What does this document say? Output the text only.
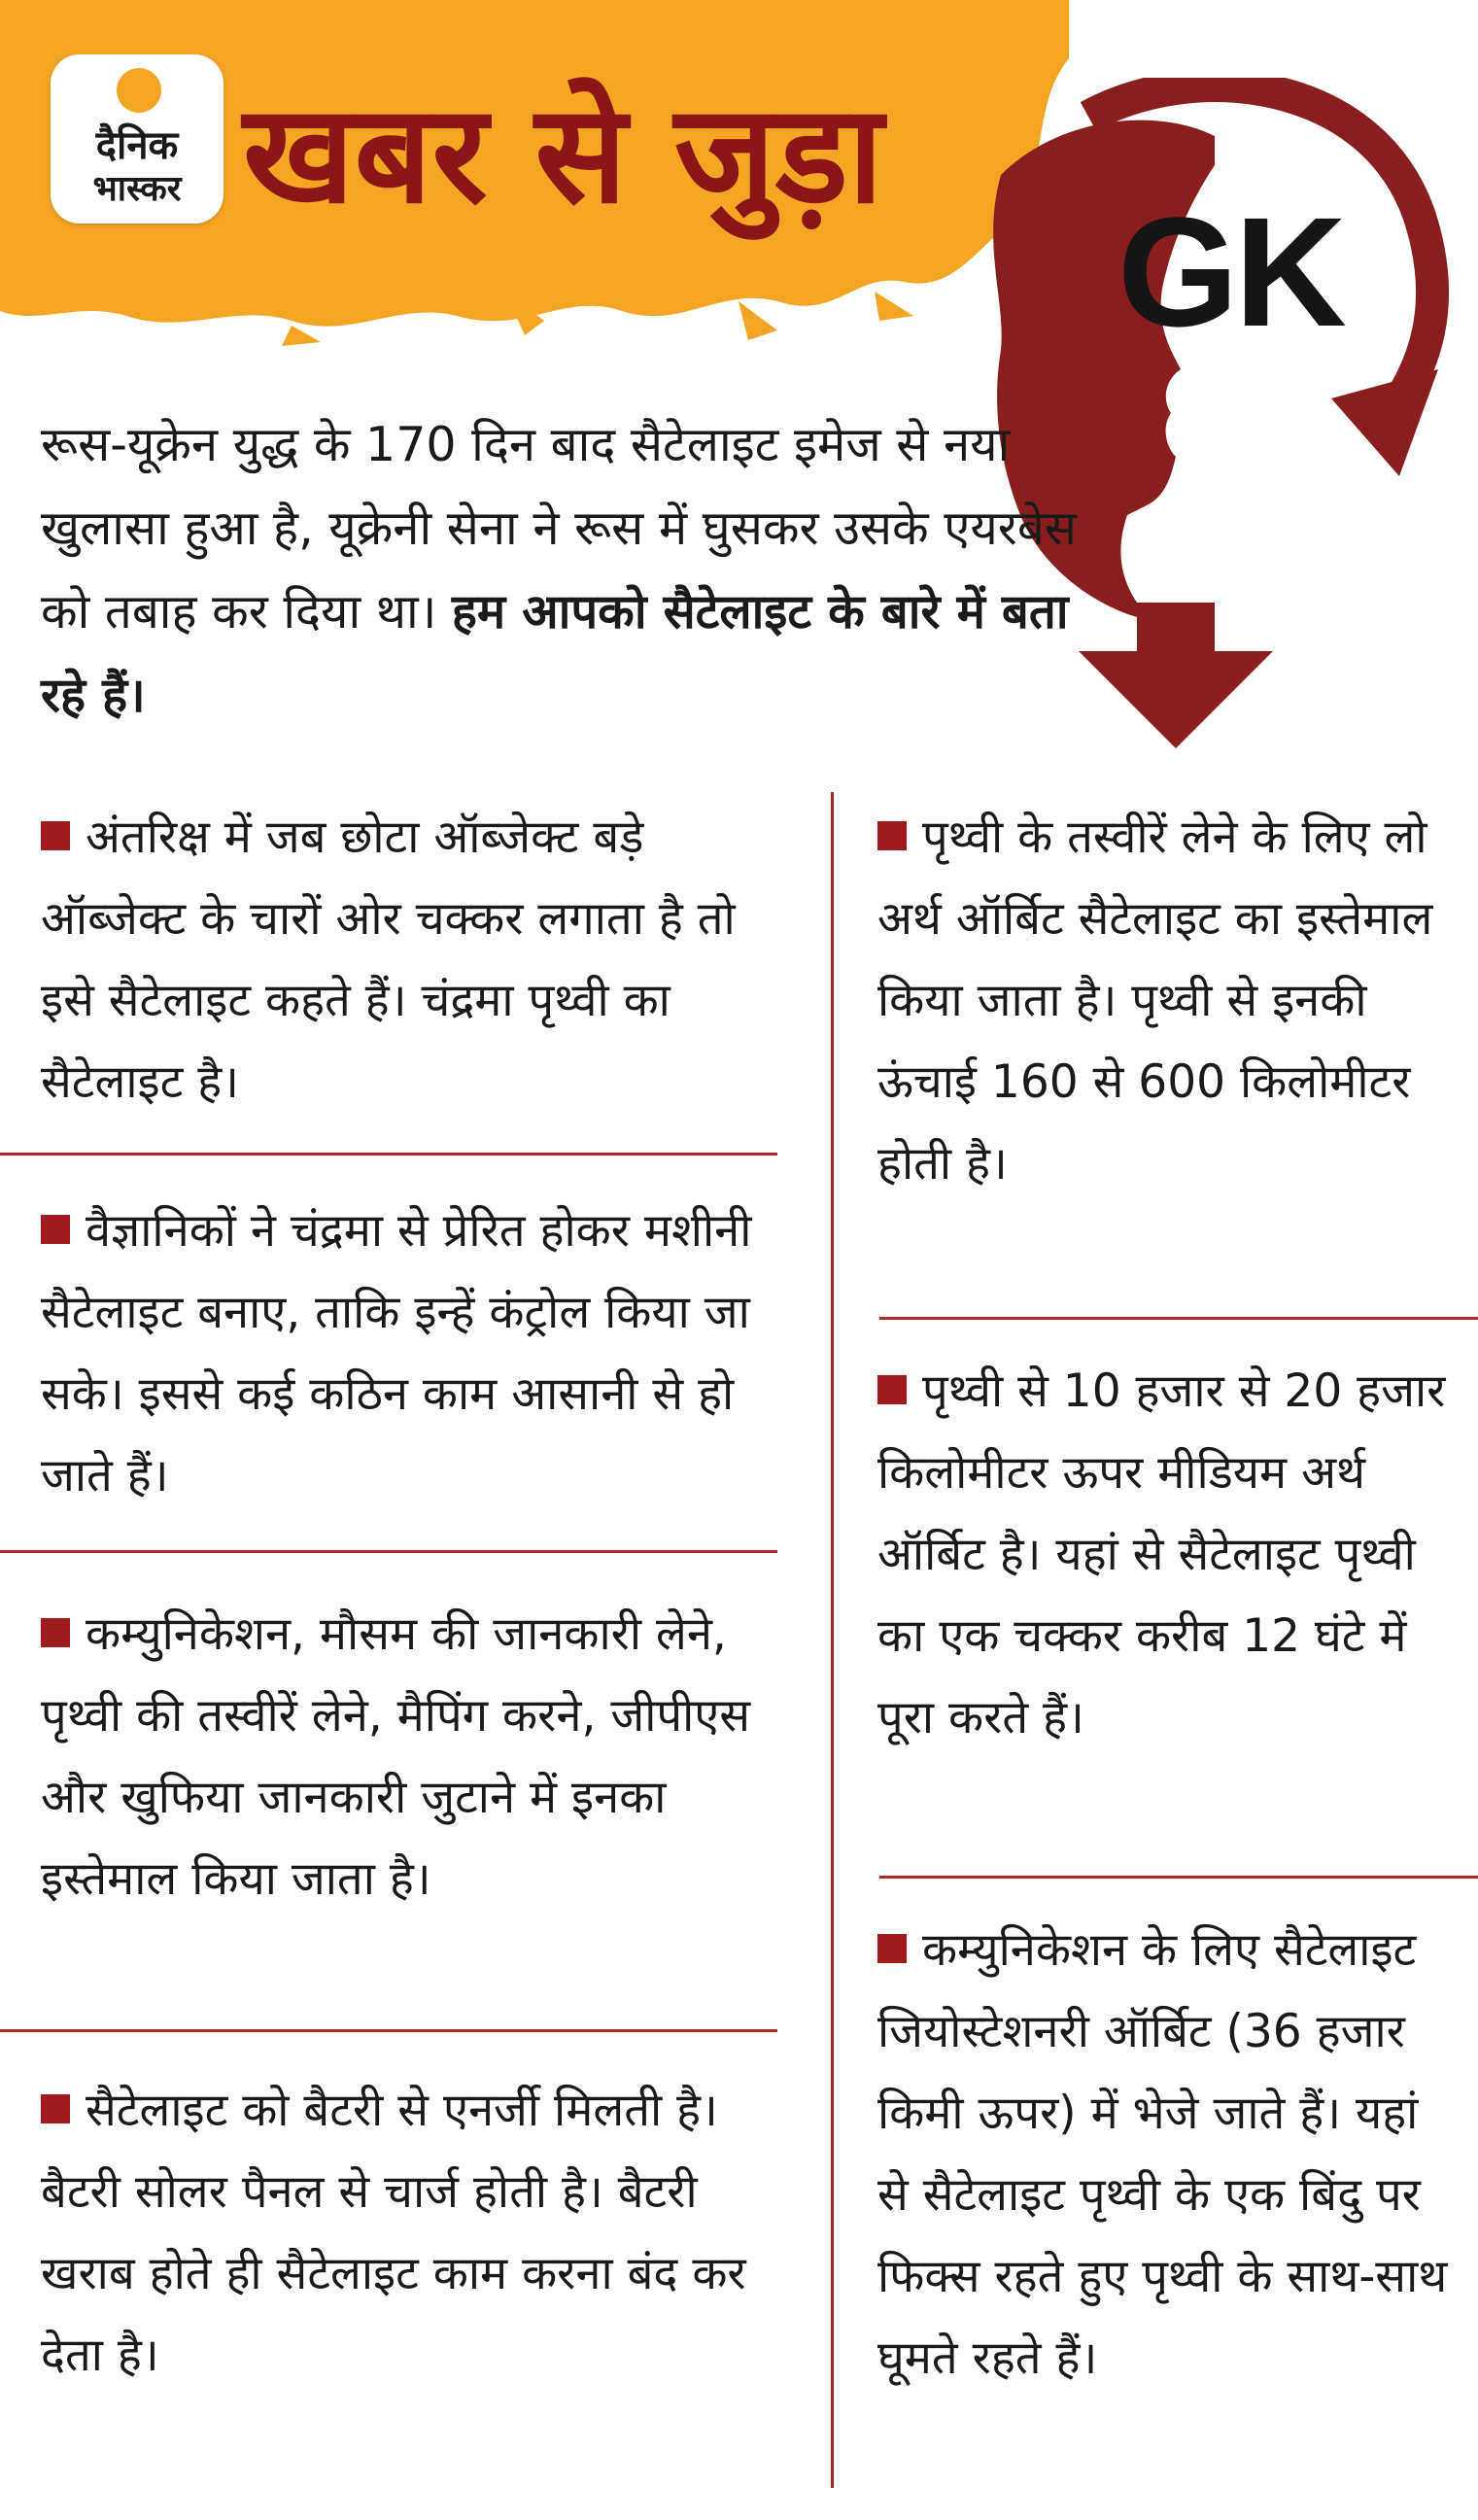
दैनिक
भास्कर खबर से जुड़ा
GK
रूस-यूक्रेन युद्ध के 170 दिन बाद सैटेलाइट इमेज से नया खुलासा हुआ है, यूक्रेनी सेना ने रूस में घुसकर उसके एयरबेस को तबाह कर दिया था। हम आपको सैटेलाइट के बारे में बता रहे हैं।
अंतरिक्ष में जब छोटा ऑब्जेक्ट बड़े ऑब्जेक्ट के चारों ओर चक्कर लगाता है तो इसे सैटेलाइट कहते हैं। चंद्रमा पृथ्वी का सैटेलाइट है।
वैज्ञानिकों ने चंद्रमा से प्रेरित होकर मशीनी सैटेलाइट बनाए, ताकि इन्हें कंट्रोल किया जा सके। इससे कई कठिन काम आसानी से हो जाते हैं।
कम्युनिकेशन, मौसम की जानकारी लेने, पृथ्वी की तस्वीरें लेने, मैपिंग करने, जीपीएस और खुफिया जानकारी जुटाने में इनका इस्तेमाल किया जाता है।
सैटेलाइट को बैटरी से एनर्जी मिलती है। बैटरी सोलर पैनल से चार्ज होती है। बैटरी खराब होते ही सैटेलाइट काम करना बंद कर देता है।
पृथ्वी के तस्वीरें लेने के लिए लो अर्थ ऑर्बिट सैटेलाइट का इस्तेमाल किया जाता है। पृथ्वी से इनकी ऊंचाई 160 से 600 किलोमीटर होती है।
पृथ्वी से 10 हजार से 20 हजार किलोमीटर ऊपर मीडियम अर्थ ऑर्बिट है। यहां से सैटेलाइट पृथ्वी का एक चक्कर करीब 12 घंटे में पूरा करते हैं।
कम्युनिकेशन के लिए सैटेलाइट जियोस्टेशनरी ऑर्बिट (36 हजार किमी ऊपर) में भेजे जाते हैं। यहां से सैटेलाइट पृथ्वी के एक बिंदु पर फिक्स रहते हुए पृथ्वी के साथ-साथ घूमते रहते हैं।
